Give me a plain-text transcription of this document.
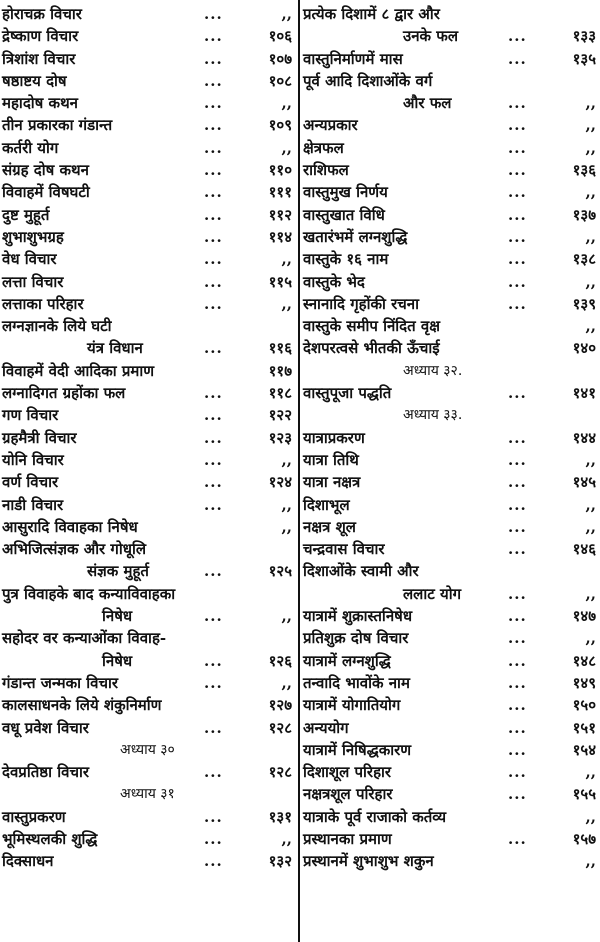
होराचक्र विचार	...	,,
द्रेष्काण विचार	...	१०६
त्रिशांश विचार	...	१०७
षष्ठाष्टय दोष	...	१०८
महादोष कथन	...	,,
तीन प्रकारका गंडान्त	...	१०९
कर्तरी योग	...	,,
संग्रह दोष कथन	...	११०
विवाहमें विषघटी	...	१११
दुष्ट मुहूर्त	...	११२
शुभाशुभग्रह	...	११४
वेध विचार	...	,,
लत्ता विचार	...	११५
लत्ताका परिहार	...	,,
लग्नज्ञानके लिये घटी
यंत्र विधान	...	११६
विवाहमें वेदी आदिका प्रमाण	११७
लग्नादिगत ग्रहोंका फल	...	११८
गण विचार	...	१२२
ग्रहमैत्री विचार	...	१२३
योनि विचार	...	,,
वर्ण विचार	...	१२४
नाडी विचार	...	,,
आसुरादि विवाहका निषेध	,,
अभिजित्संज्ञक और गोधूलि
संज्ञक मुहूर्त	...	१२५
पुत्र विवाहके बाद कन्याविवाहका
निषेध	...	,,
सहोदर वर कन्याओंका विवाह-
निषेध	...	१२६
गंडान्त जन्मका विचार	...	,,
कालसाधनके लिये शंकुनिर्माण	१२७
वधू प्रवेश विचार	...	१२८
अध्याय ३०
देवप्रतिष्ठा विचार	...	१२८
अध्याय ३१
वास्तुप्रकरण	...	१३१
भूमिस्थलकी शुद्धि	...	,,
दिक्साधन	...	१३२
प्रत्येक दिशामें ८ द्वार और
उनके फल	...	१३३
वास्तुनिर्माणमें मास	...	१३५
पूर्व आदि दिशाओंके वर्ग
और फल	...	,,
अन्यप्रकार	...	,,
क्षेत्रफल	...	,,
राशिफल	...	१३६
वास्तुमुख निर्णय	...	,,
वास्तुखात विधि	...	१३७
खतारंभमें लग्नशुद्धि	...	,,
वास्तुके १६ नाम	...	१३८
वास्तुके भेद	...	,,
स्नानादि गृहोंकी रचना	...	१३९
वास्तुके समीप निंदित वृक्ष	,,
देशपरत्वसे भीतकी ऊँचाई	१४०
अध्याय ३२.
वास्तुपूजा पद्धति	...	१४१
अध्याय ३३.
यात्राप्रकरण	...	१४४
यात्रा तिथि	...	,,
यात्रा नक्षत्र	...	१४५
दिशाभूल	...	,,
नक्षत्र शूल	...	,,
चन्द्रवास विचार	...	१४६
दिशाओंके स्वामी और
ललाट योग	...	,,
यात्रामें शुक्रास्तनिषेध	...	१४७
प्रतिशुक्र दोष विचार	...	,,
यात्रामें लग्नशुद्धि	...	१४८
तन्वादि भावोंके नाम	...	१४९
यात्रामें योगातियोग	...	१५०
अन्ययोग	...	१५१
यात्रामें निषिद्धकारण	...	१५४
दिशाशूल परिहार	...	,,
नक्षत्रशूल परिहार	...	१५५
यात्राके पूर्व राजाको कर्तव्य	,,
प्रस्थानका प्रमाण	...	१५७
प्रस्थानमें शुभाशुभ शकुन	,,
